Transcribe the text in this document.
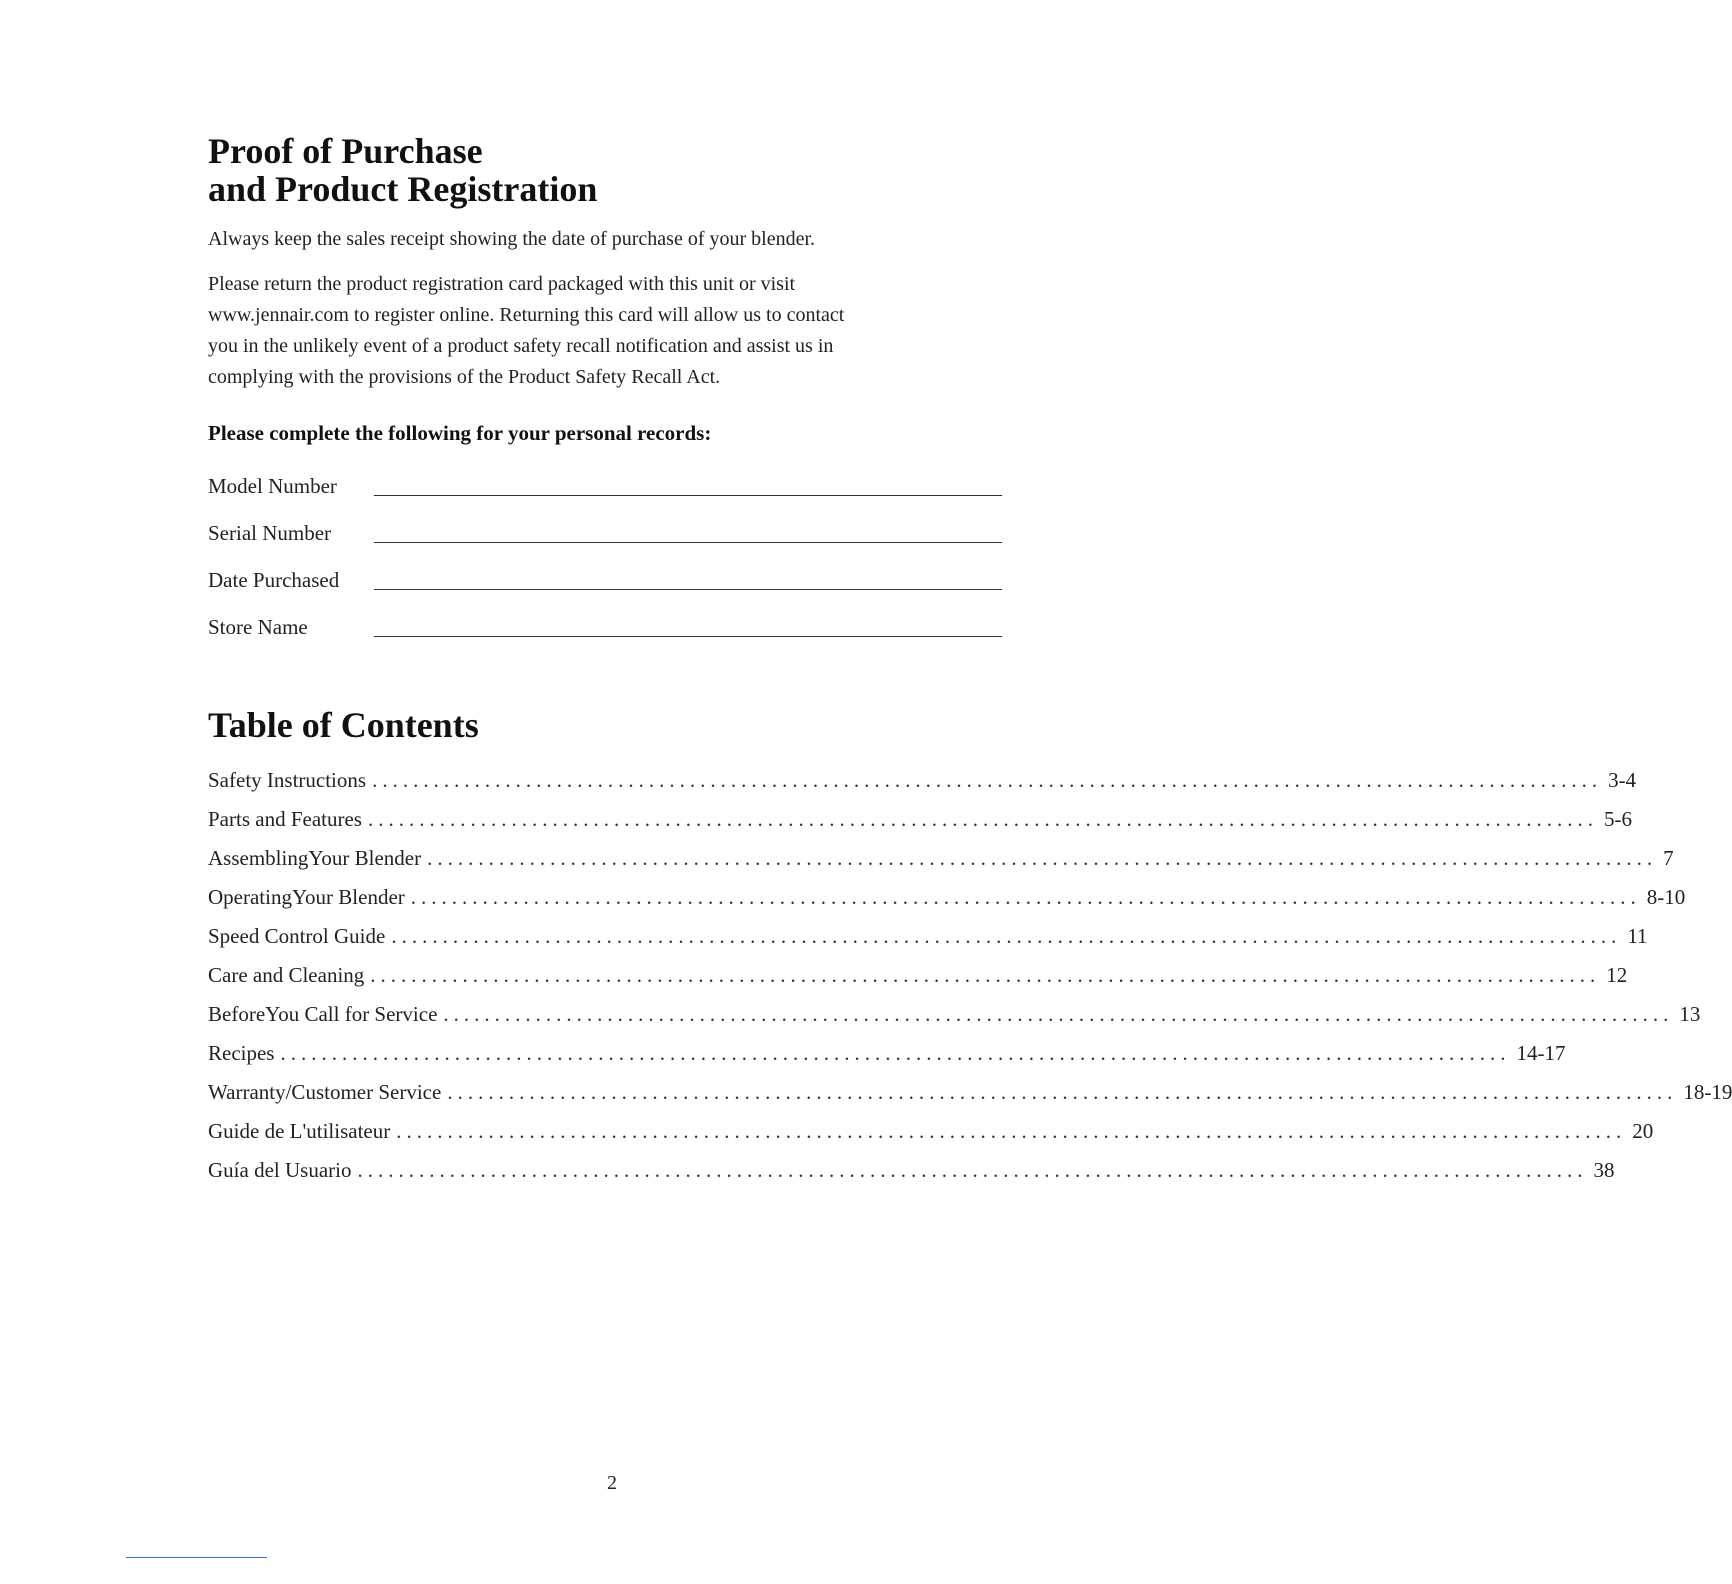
Proof of Purchase
and Product Registration

Always keep the sales receipt showing the date of purchase of your blender.

Please return the product registration card packaged with this unit or visit
www.jennair.com to register online. Returning this card will allow us to contact
you in the unlikely event of a product safety recall notification and assist us in
complying with the provisions of the Product Safety Recall Act.

Please complete the following for your personal records:
Model Number
Serial Number
Date Purchased
Store Name
Table of Contents
Safety Instructions ........................................................................................................................ 3-4
Parts and Features ........................................................................................................................ 5-6
AssemblingYour Blender ........................................................................................................................ 7
OperatingYour Blender ........................................................................................................................ 8-10
Speed Control Guide ........................................................................................................................ 11
Care and Cleaning ........................................................................................................................ 12
BeforeYou Call for Service ........................................................................................................................ 13
Recipes ........................................................................................................................ 14-17
Warranty/Customer Service ........................................................................................................................ 18-19
Guide de L'utilisateur ........................................................................................................................ 20
Guía del Usuario ........................................................................................................................ 38
2
